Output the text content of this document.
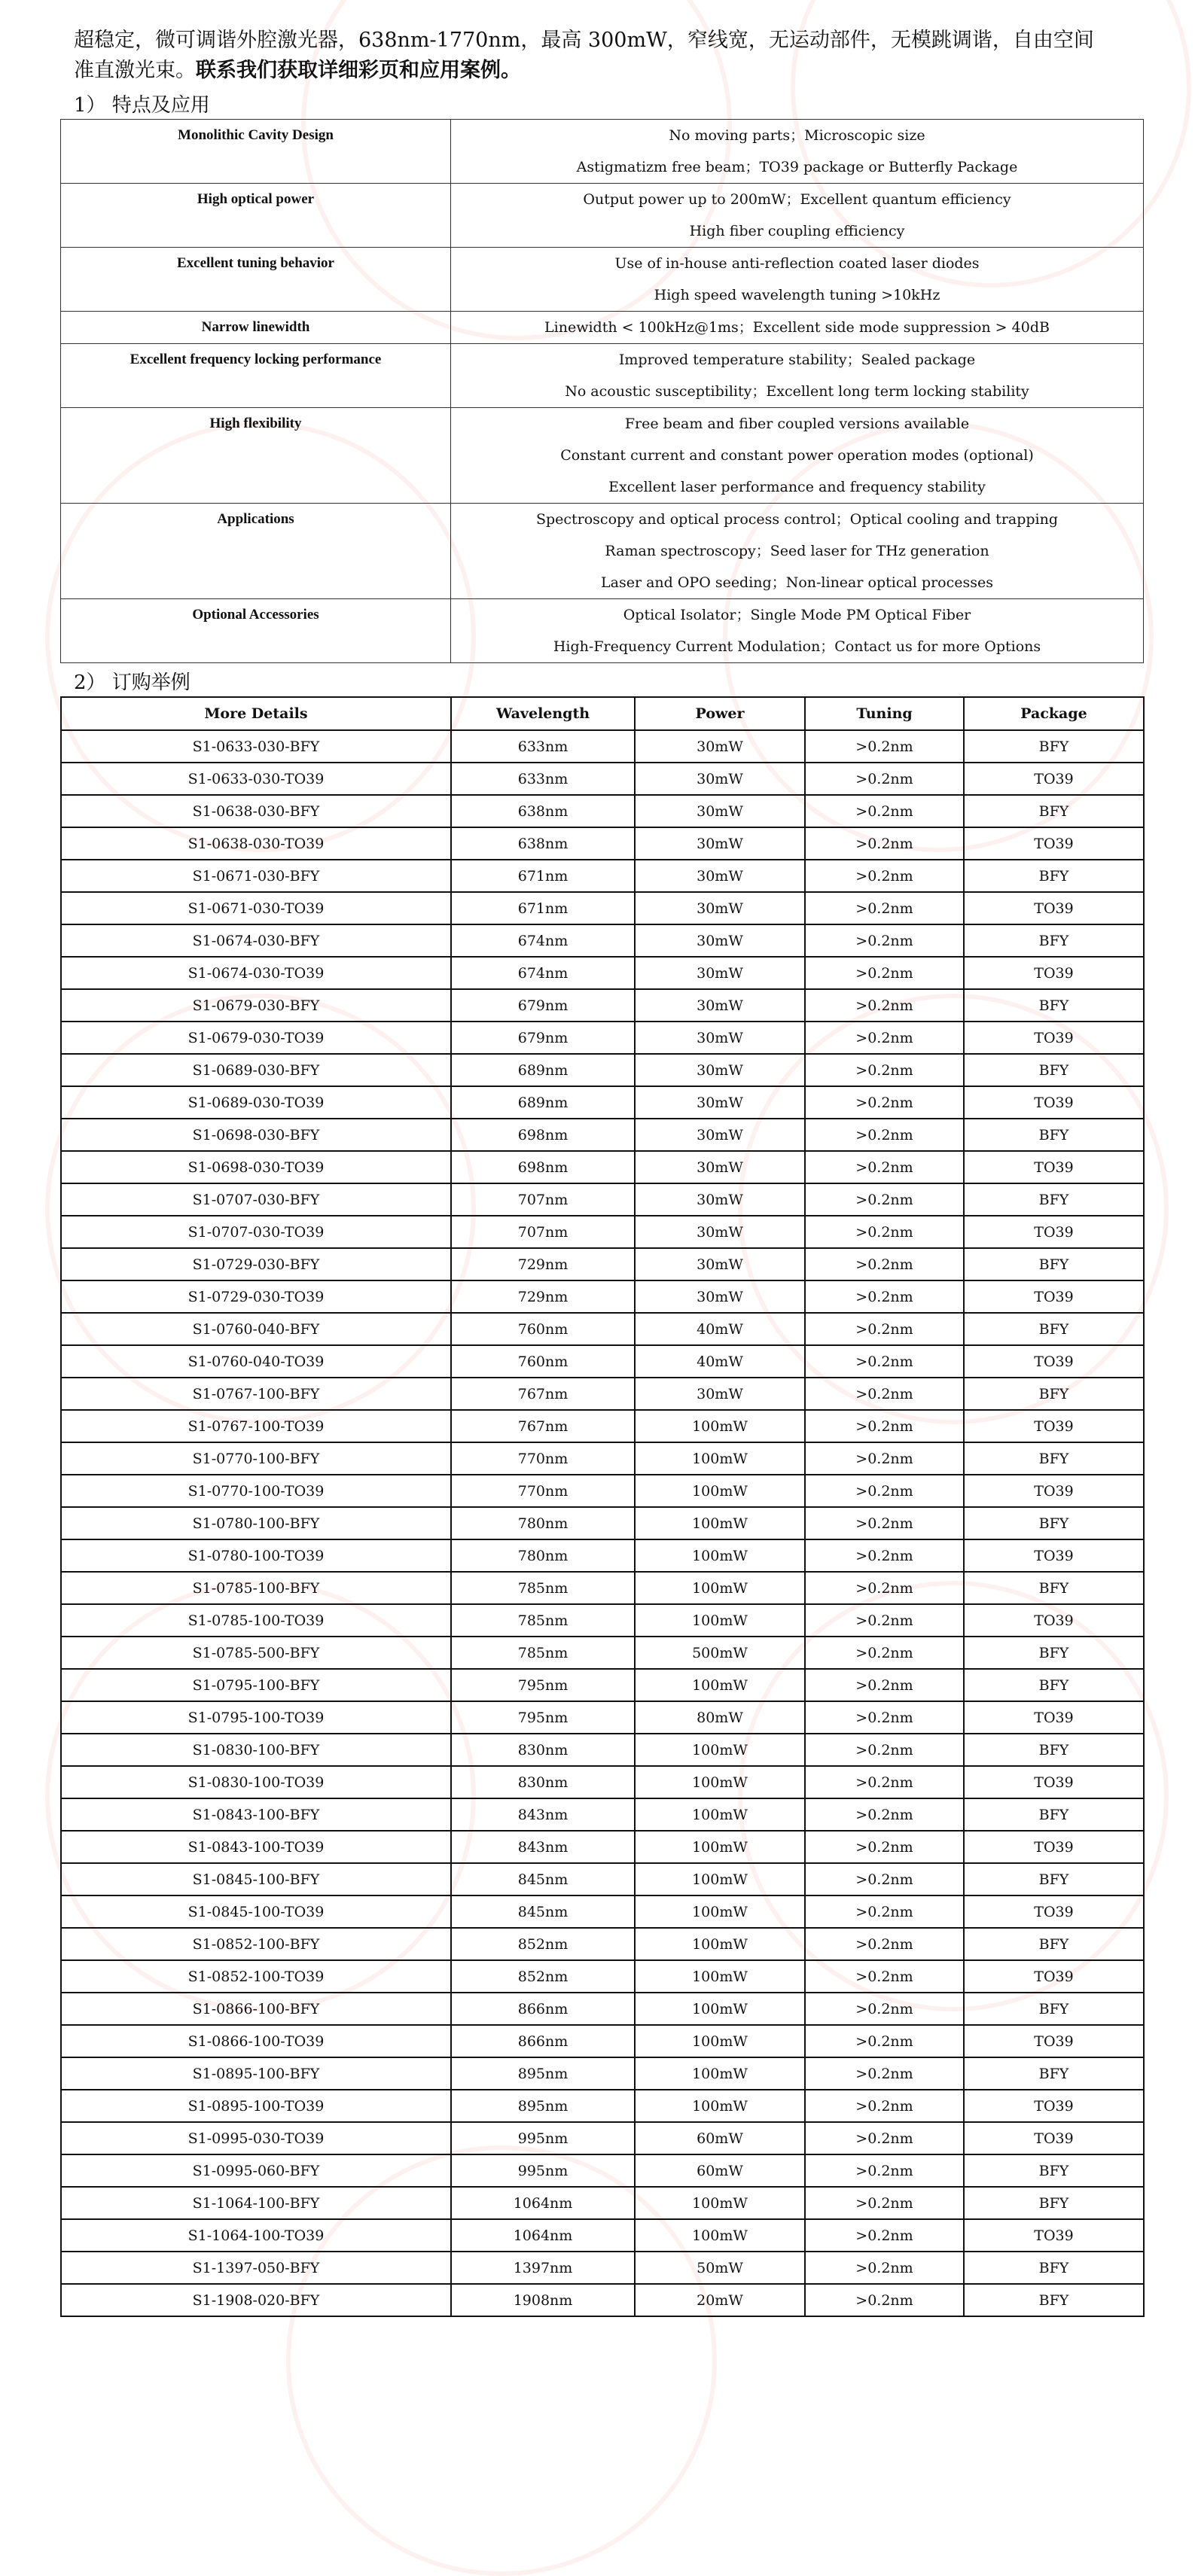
超稳定，微可调谐外腔激光器，638nm-1770nm，最高 300mW，窄线宽，无运动部件，无模跳调谐，自由空间
准直激光束。联系我们获取详细彩页和应用案例。
1） 特点及应用
Monolithic Cavity Design	No moving parts；Microscopic size
Astigmatizm free beam；TO39 package or Butterfly Package

High optical power	Output power up to 200mW；Excellent quantum efficiency
High fiber coupling efficiency

Excellent tuning behavior	Use of in-house anti-reflection coated laser diodes
High speed wavelength tuning >10kHz

Narrow linewidth	Linewidth < 100kHz@1ms；Excellent side mode suppression > 40dB

Excellent frequency locking performance	Improved temperature stability；Sealed package
No acoustic susceptibility；Excellent long term locking stability

High flexibility	Free beam and fiber coupled versions available
Constant current and constant power operation modes (optional)
Excellent laser performance and frequency stability

Applications	Spectroscopy and optical process control；Optical cooling and trapping
Raman spectroscopy；Seed laser for THz generation
Laser and OPO seeding；Non-linear optical processes

Optional Accessories	Optical Isolator；Single Mode PM Optical Fiber
High-Frequency Current Modulation；Contact us for more Options
2） 订购举例
More Details	Wavelength	Power	Tuning	Package
S1-0633-030-BFY	633nm	30mW	>0.2nm	BFY
S1-0633-030-TO39	633nm	30mW	>0.2nm	TO39
S1-0638-030-BFY	638nm	30mW	>0.2nm	BFY
S1-0638-030-TO39	638nm	30mW	>0.2nm	TO39
S1-0671-030-BFY	671nm	30mW	>0.2nm	BFY
S1-0671-030-TO39	671nm	30mW	>0.2nm	TO39
S1-0674-030-BFY	674nm	30mW	>0.2nm	BFY
S1-0674-030-TO39	674nm	30mW	>0.2nm	TO39
S1-0679-030-BFY	679nm	30mW	>0.2nm	BFY
S1-0679-030-TO39	679nm	30mW	>0.2nm	TO39
S1-0689-030-BFY	689nm	30mW	>0.2nm	BFY
S1-0689-030-TO39	689nm	30mW	>0.2nm	TO39
S1-0698-030-BFY	698nm	30mW	>0.2nm	BFY
S1-0698-030-TO39	698nm	30mW	>0.2nm	TO39
S1-0707-030-BFY	707nm	30mW	>0.2nm	BFY
S1-0707-030-TO39	707nm	30mW	>0.2nm	TO39
S1-0729-030-BFY	729nm	30mW	>0.2nm	BFY
S1-0729-030-TO39	729nm	30mW	>0.2nm	TO39
S1-0760-040-BFY	760nm	40mW	>0.2nm	BFY
S1-0760-040-TO39	760nm	40mW	>0.2nm	TO39
S1-0767-100-BFY	767nm	30mW	>0.2nm	BFY
S1-0767-100-TO39	767nm	100mW	>0.2nm	TO39
S1-0770-100-BFY	770nm	100mW	>0.2nm	BFY
S1-0770-100-TO39	770nm	100mW	>0.2nm	TO39
S1-0780-100-BFY	780nm	100mW	>0.2nm	BFY
S1-0780-100-TO39	780nm	100mW	>0.2nm	TO39
S1-0785-100-BFY	785nm	100mW	>0.2nm	BFY
S1-0785-100-TO39	785nm	100mW	>0.2nm	TO39
S1-0785-500-BFY	785nm	500mW	>0.2nm	BFY
S1-0795-100-BFY	795nm	100mW	>0.2nm	BFY
S1-0795-100-TO39	795nm	80mW	>0.2nm	TO39
S1-0830-100-BFY	830nm	100mW	>0.2nm	BFY
S1-0830-100-TO39	830nm	100mW	>0.2nm	TO39
S1-0843-100-BFY	843nm	100mW	>0.2nm	BFY
S1-0843-100-TO39	843nm	100mW	>0.2nm	TO39
S1-0845-100-BFY	845nm	100mW	>0.2nm	BFY
S1-0845-100-TO39	845nm	100mW	>0.2nm	TO39
S1-0852-100-BFY	852nm	100mW	>0.2nm	BFY
S1-0852-100-TO39	852nm	100mW	>0.2nm	TO39
S1-0866-100-BFY	866nm	100mW	>0.2nm	BFY
S1-0866-100-TO39	866nm	100mW	>0.2nm	TO39
S1-0895-100-BFY	895nm	100mW	>0.2nm	BFY
S1-0895-100-TO39	895nm	100mW	>0.2nm	TO39
S1-0995-030-TO39	995nm	60mW	>0.2nm	TO39
S1-0995-060-BFY	995nm	60mW	>0.2nm	BFY
S1-1064-100-BFY	1064nm	100mW	>0.2nm	BFY
S1-1064-100-TO39	1064nm	100mW	>0.2nm	TO39
S1-1397-050-BFY	1397nm	50mW	>0.2nm	BFY
S1-1908-020-BFY	1908nm	20mW	>0.2nm	BFY
